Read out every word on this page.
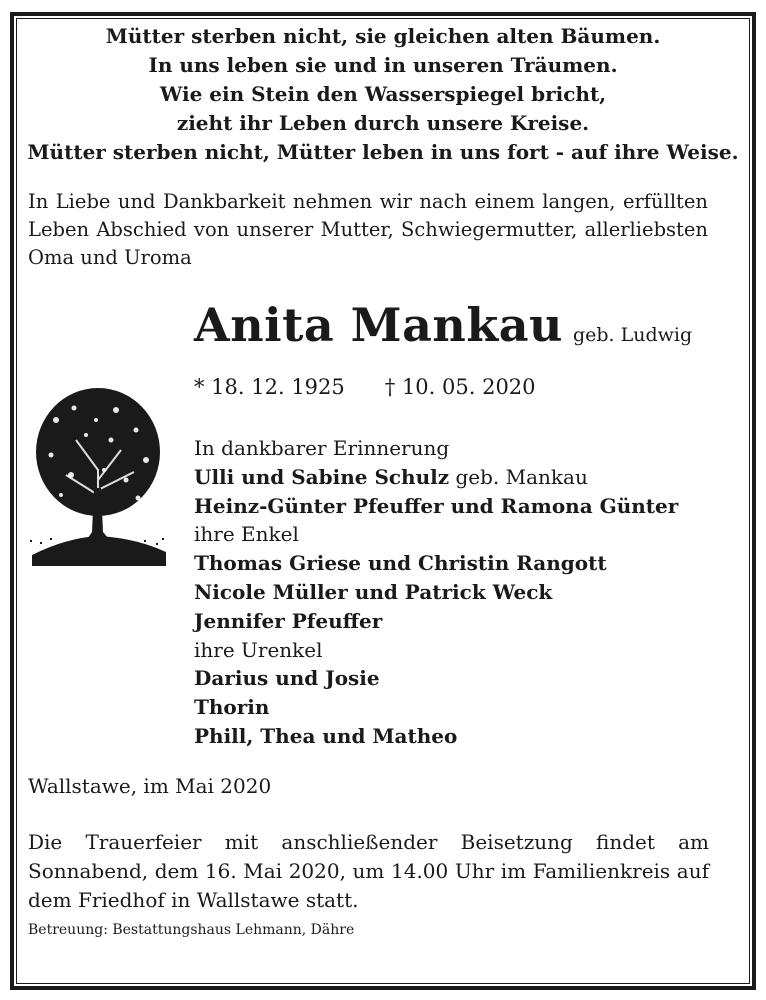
Mütter sterben nicht, sie gleichen alten Bäumen.
In uns leben sie und in unseren Träumen.
Wie ein Stein den Wasserspiegel bricht,
zieht ihr Leben durch unsere Kreise.
Mütter sterben nicht, Mütter leben in uns fort - auf ihre Weise.
In Liebe und Dankbarkeit nehmen wir nach einem langen, erfüllten Leben Abschied von unserer Mutter, Schwiegermutter, allerliebsten Oma und Uroma
Anita Mankau geb. Ludwig
* 18. 12. 1925 † 10. 05. 2020
In dankbarer Erinnerung
Ulli und Sabine Schulz geb. Mankau
Heinz-Günter Pfeuffer und Ramona Günter
ihre Enkel
Thomas Griese und Christin Rangott
Nicole Müller und Patrick Weck
Jennifer Pfeuffer
ihre Urenkel
Darius und Josie
Thorin
Phill, Thea und Matheo
Wallstawe, im Mai 2020
Die Trauerfeier mit anschließender Beisetzung findet am Sonnabend, dem 16. Mai 2020, um 14.00 Uhr im Familienkreis auf dem Friedhof in Wallstawe statt.
Betreuung: Bestattungshaus Lehmann, Dähre
